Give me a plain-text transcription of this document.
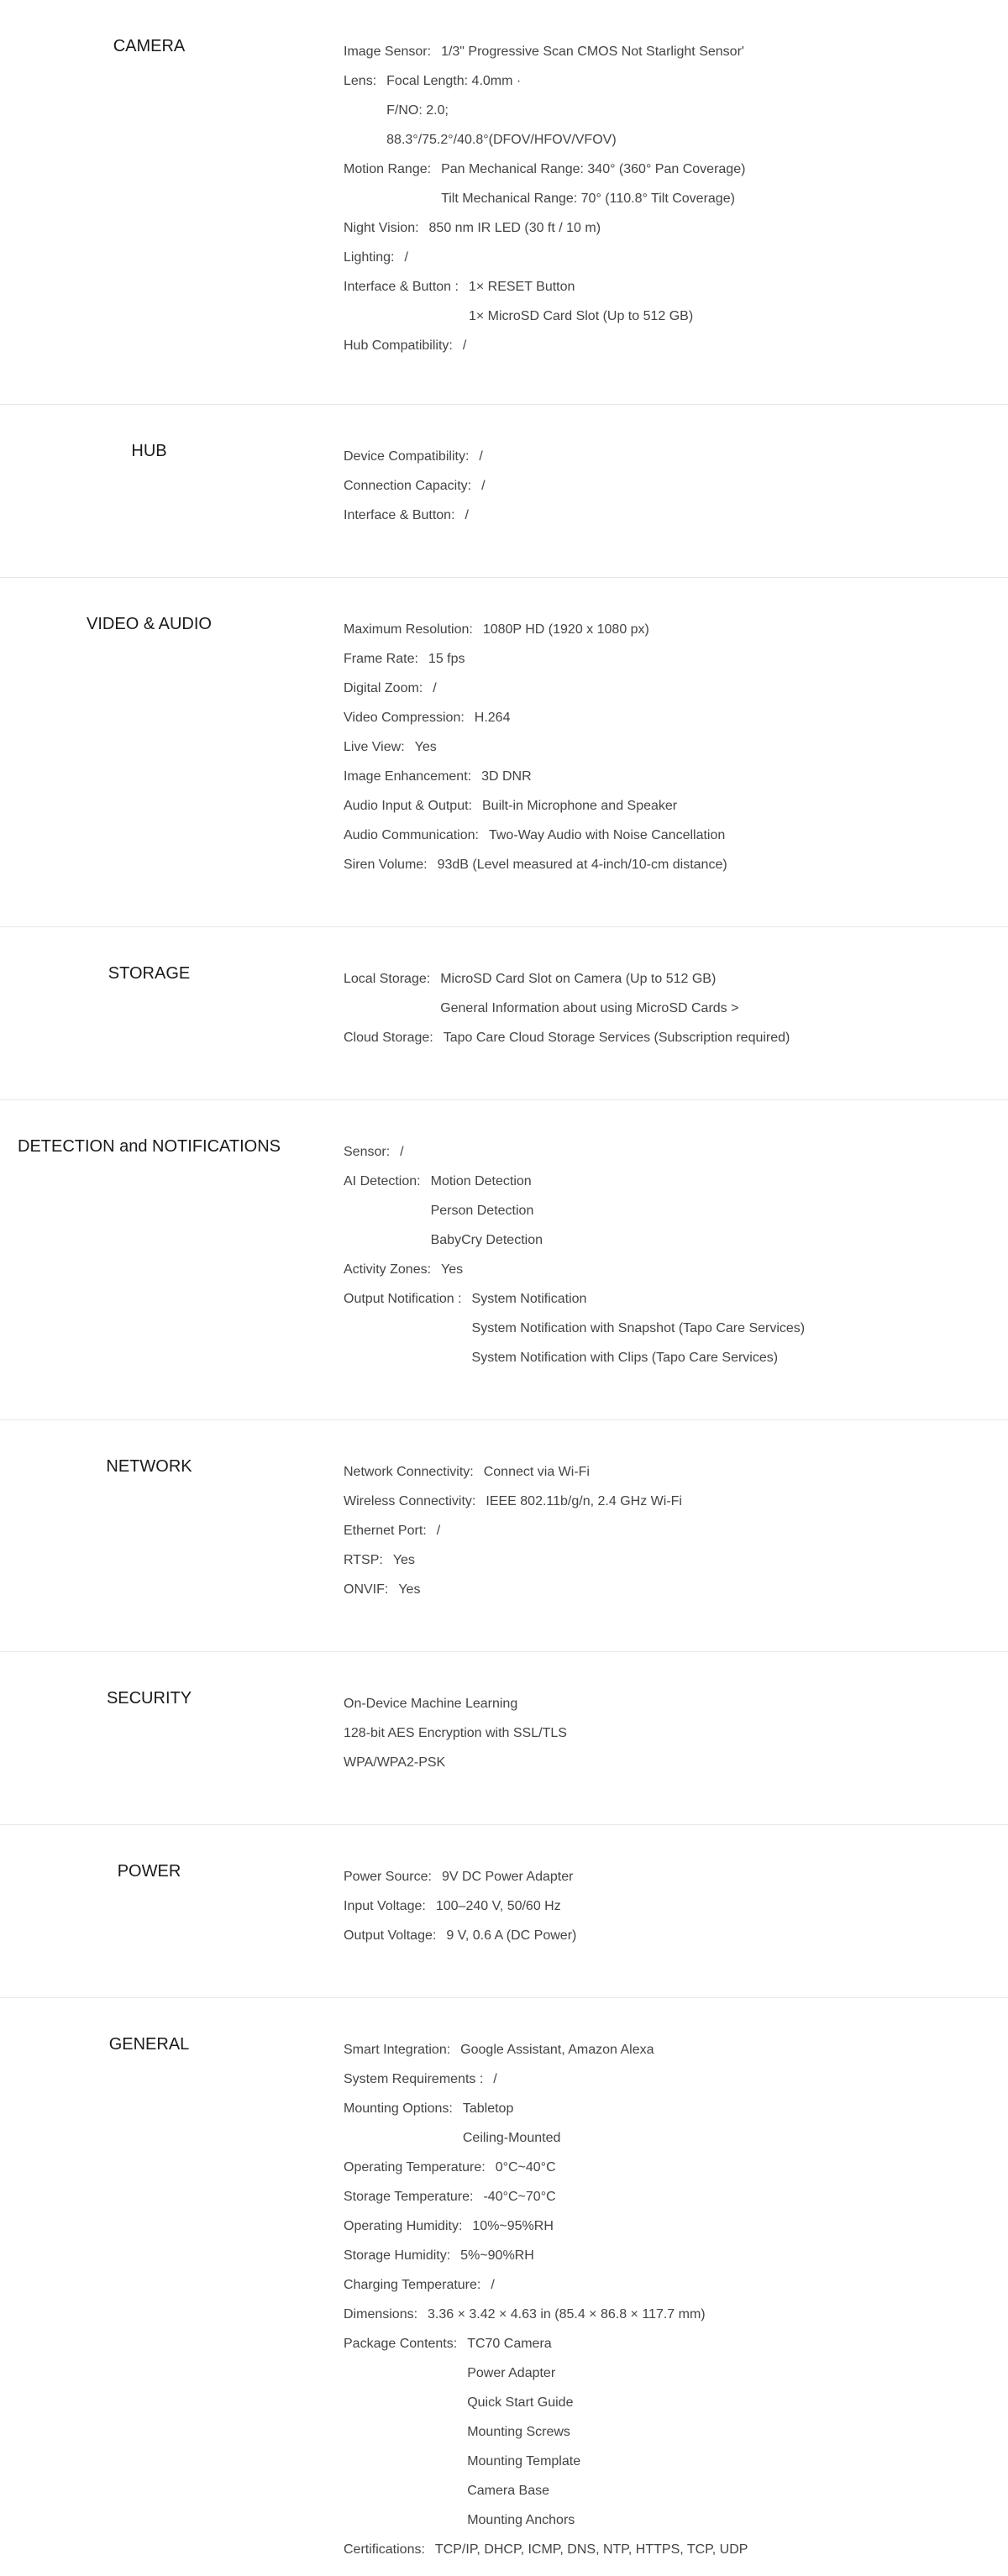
CAMERA	Image Sensor: 1/3" Progressive Scan CMOS Not Starlight Sensor'
Lens: Focal Length: 4.0mm ·
F/NO: 2.0;
88.3°/75.2°/40.8°(DFOV/HFOV/VFOV)
Motion Range: Pan Mechanical Range: 340° (360° Pan Coverage)
Tilt Mechanical Range: 70° (110.8° Tilt Coverage)
Night Vision: 850 nm IR LED (30 ft / 10 m)
Lighting: /
Interface & Button : 1× RESET Button
1× MicroSD Card Slot (Up to 512 GB)
Hub Compatibility: /
HUB	Device Compatibility: /
Connection Capacity: /
Interface & Button: /
VIDEO & AUDIO	Maximum Resolution: 1080P HD (1920 x 1080 px)
Frame Rate: 15 fps
Digital Zoom: /
Video Compression: H.264
Live View: Yes
Image Enhancement: 3D DNR
Audio Input & Output: Built-in Microphone and Speaker
Audio Communication: Two-Way Audio with Noise Cancellation
Siren Volume: 93dB (Level measured at 4-inch/10-cm distance)
STORAGE	Local Storage: MicroSD Card Slot on Camera (Up to 512 GB)
General Information about using MicroSD Cards >
Cloud Storage: Tapo Care Cloud Storage Services (Subscription required)
DETECTION and NOTIFICATIONS	Sensor: /
AI Detection: Motion Detection
Person Detection
BabyCry Detection
Activity Zones: Yes
Output Notification : System Notification
System Notification with Snapshot (Tapo Care Services)
System Notification with Clips (Tapo Care Services)
NETWORK	Network Connectivity: Connect via Wi-Fi
Wireless Connectivity: IEEE 802.11b/g/n, 2.4 GHz Wi-Fi
Ethernet Port: /
RTSP: Yes
ONVIF: Yes
SECURITY	On-Device Machine Learning
128-bit AES Encryption with SSL/TLS
WPA/WPA2-PSK
POWER	Power Source: 9V DC Power Adapter
Input Voltage: 100–240 V, 50/60 Hz
Output Voltage: 9 V, 0.6 A (DC Power)
GENERAL	Smart Integration: Google Assistant, Amazon Alexa
System Requirements : /
Mounting Options: Tabletop
Ceiling-Mounted
Operating Temperature: 0°C~40°C
Storage Temperature: -40°C~70°C
Operating Humidity: 10%~95%RH
Storage Humidity: 5%~90%RH
Charging Temperature: /
Dimensions: 3.36 × 3.42 × 4.63 in (85.4 × 86.8 × 117.7 mm)
Package Contents: TC70 Camera
Power Adapter
Quick Start Guide
Mounting Screws
Mounting Template
Camera Base
Mounting Anchors
Certifications: TCP/IP, DHCP, ICMP, DNS, NTP, HTTPS, TCP, UDP
